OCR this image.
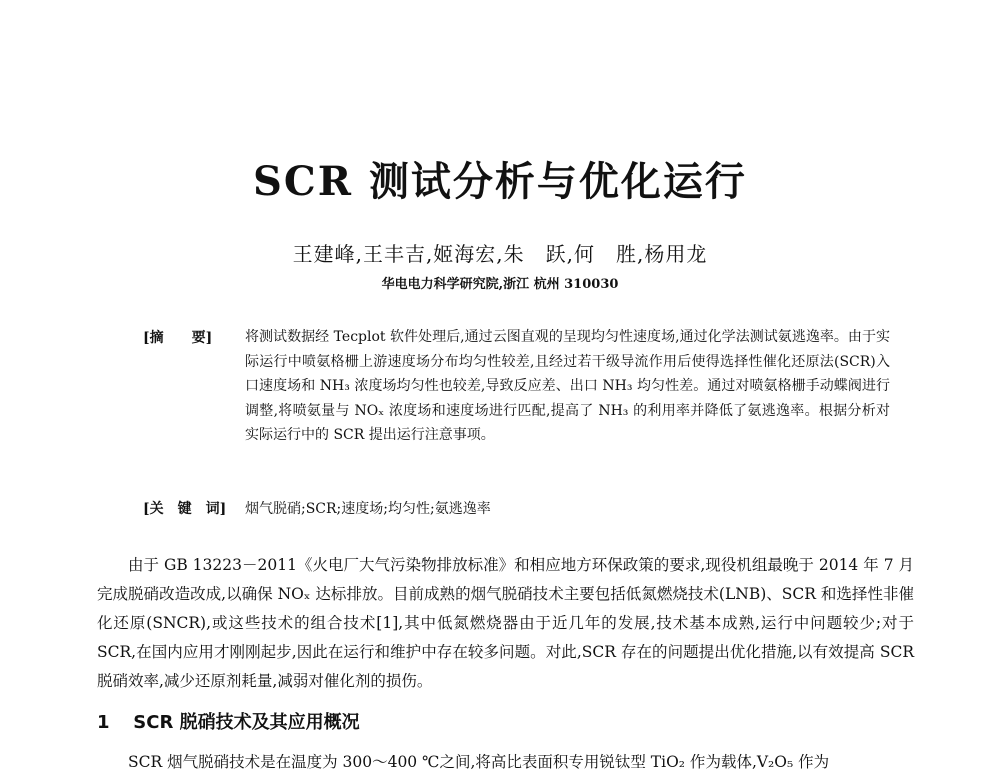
SCR 测试分析与优化运行
王建峰,王丰吉,姬海宏,朱　跃,何　胜,杨用龙
华电电力科学研究院,浙江 杭州 310030
[摘　　要]	将测试数据经 Tecplot 软件处理后,通过云图直观的呈现均匀性速度场,通过化学法测试氨逃逸率。由于实际运行中喷氨格栅上游速度场分布均匀性较差,且经过若干级导流作用后使得选择性催化还原法(SCR)入口速度场和 NH₃ 浓度场均匀性也较差,导致反应差、出口 NH₃ 均匀性差。通过对喷氨格栅手动蝶阀进行调整,将喷氨量与 NOₓ 浓度场和速度场进行匹配,提高了 NH₃ 的利用率并降低了氨逃逸率。根据分析对实际运行中的 SCR 提出运行注意事项。
[关　键　词]	烟气脱硝;SCR;速度场;均匀性;氨逃逸率
由于 GB 13223－2011《火电厂大气污染物排放标准》和相应地方环保政策的要求,现役机组最晚于 2014 年 7 月完成脱硝改造改成,以确保 NOₓ 达标排放。目前成熟的烟气脱硝技术主要包括低氮燃烧技术(LNB)、SCR 和选择性非催化还原(SNCR),或这些技术的组合技术[1],其中低氮燃烧器由于近几年的发展,技术基本成熟,运行中问题较少;对于 SCR,在国内应用才刚刚起步,因此在运行和维护中存在较多问题。对此,SCR 存在的问题提出优化措施,以有效提高 SCR 脱硝效率,减少还原剂耗量,减弱对催化剂的损伤。
1 SCR 脱硝技术及其应用概况
SCR 烟气脱硝技术是在温度为 300～400 ℃之间,将高比表面积专用锐钛型 TiO₂ 作为载体,V₂O₅ 作为
